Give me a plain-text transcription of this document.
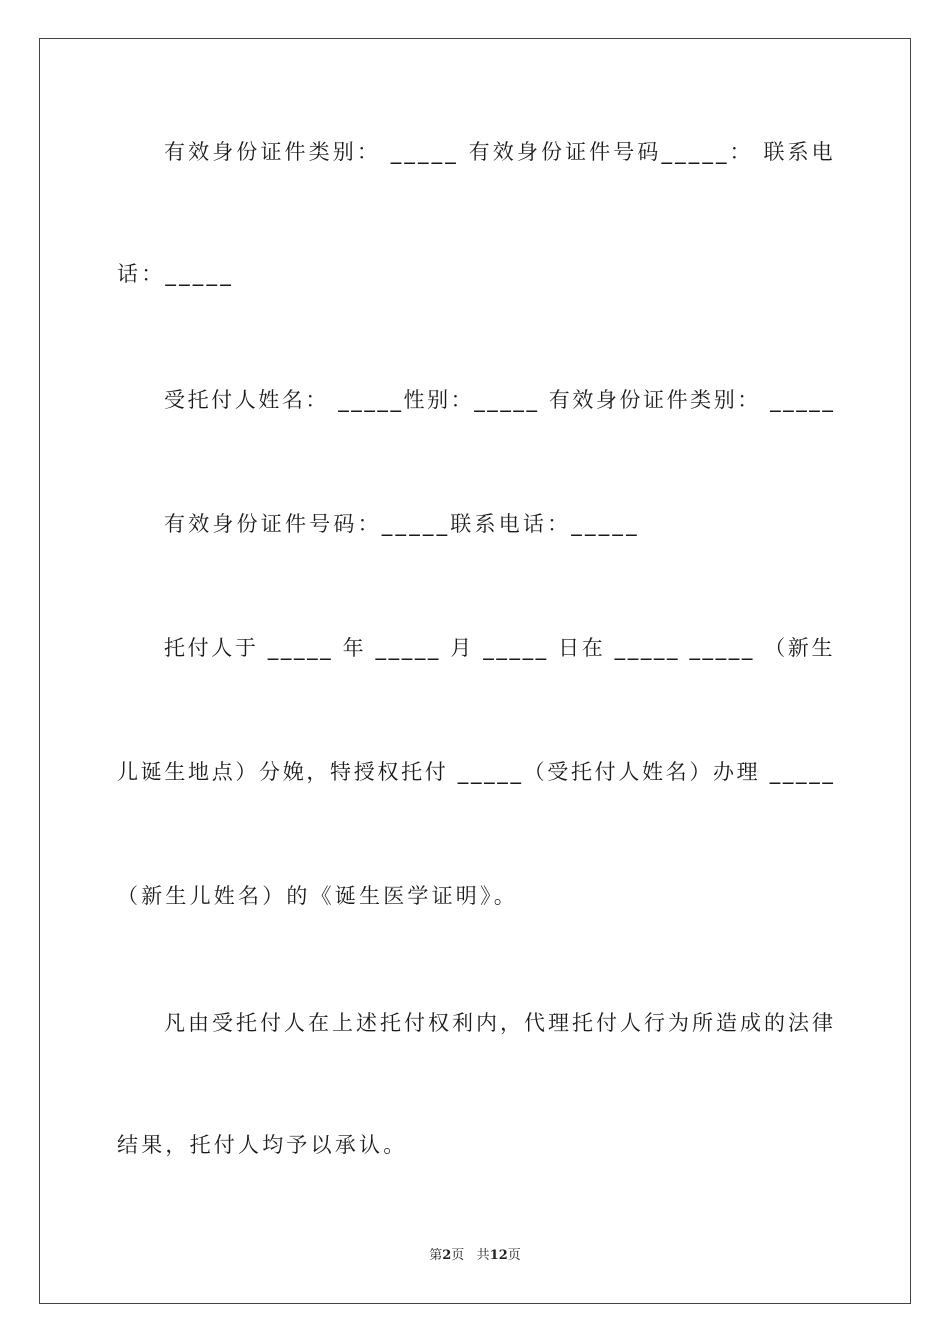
有 效 身 份 证 件 类 别 ：
_ _ _ _ _
有 效 身 份 证 件 号 码 _ _ _ _ _ ：
联 系 电
话：_____
受 托 付 人 姓 名 ：
_ _ _ _ _ 性 别 ： _ _ _ _ _
有 效 身 份 证 件 类 别 ：
_ _ _ _ _
有效身份证件号码：_____联系电话：_____
托 付 人 于
_ _ _ _ _
年
_ _ _ _ _
月
_ _ _ _ _
日 在
_ _ _ _ _
_ _ _ _ _
（ 新 生
儿 诞 生 地 点 ） 分 娩 ， 特 授 权 托 付
_ _ _ _ _ （ 受 托 付 人 姓 名 ） 办 理
_ _ _ _ _
（新生儿姓名）的《诞生医学证明》。
凡 由 受 托 付 人 在 上 述 托 付 权 利 内 ， 代 理 托 付 人 行 为 所 造 成 的 法 律
结果，托付人均予以承认。
第2页 共12页
